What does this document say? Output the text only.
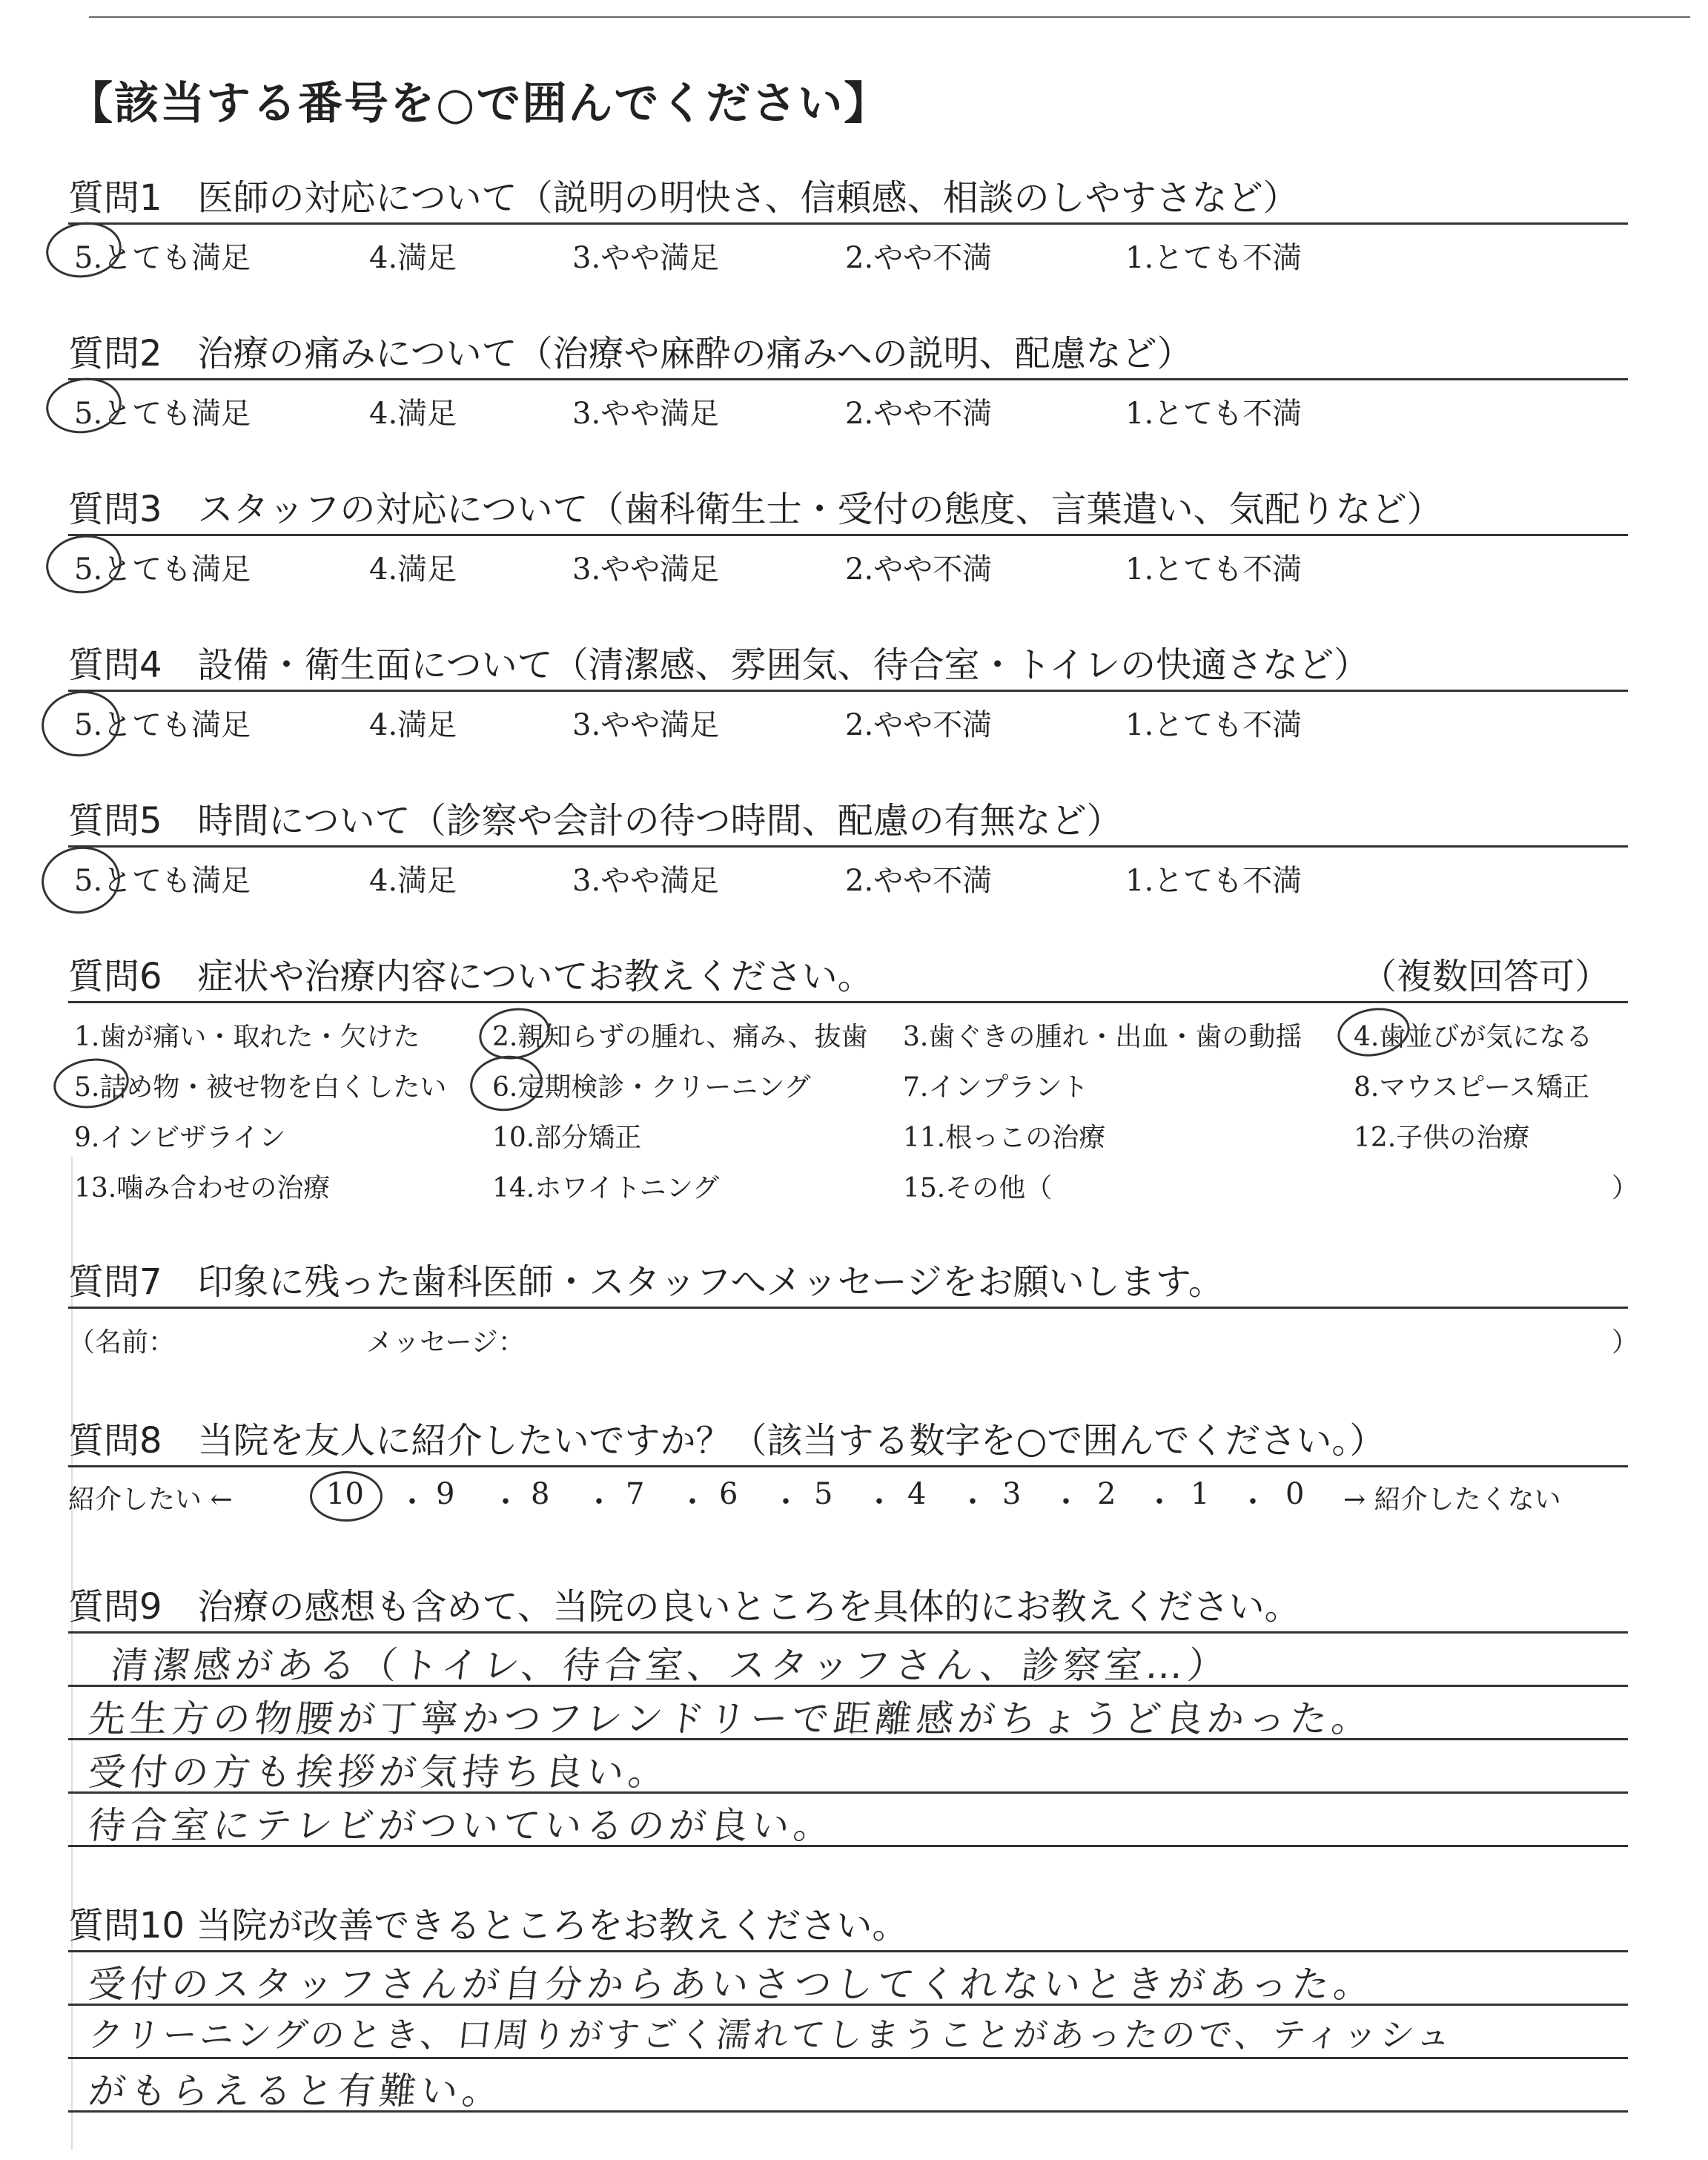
【該当する番号を○で囲んでください】
質問1　医師の対応について（説明の明快さ、信頼感、相談のしやすさなど）
5.とても満足	4.満足	3.やや満足	2.やや不満	1.とても不満
質問2　治療の痛みについて（治療や麻酔の痛みへの説明、配慮など）
5.とても満足	4.満足	3.やや満足	2.やや不満	1.とても不満
質問3　スタッフの対応について（歯科衛生士・受付の態度、言葉遣い、気配りなど）
5.とても満足	4.満足	3.やや満足	2.やや不満	1.とても不満
質問4　設備・衛生面について（清潔感、雰囲気、待合室・トイレの快適さなど）
5.とても満足	4.満足	3.やや満足	2.やや不満	1.とても不満
質問5　時間について（診察や会計の待つ時間、配慮の有無など）
5.とても満足	4.満足	3.やや満足	2.やや不満	1.とても不満
質問6　症状や治療内容についてお教えください。	（複数回答可）
1.歯が痛い・取れた・欠けた	2.親知らずの腫れ、痛み、抜歯 3.歯ぐきの腫れ・出血・歯の動揺 4.歯並びが気になる
5.詰め物・被せ物を白くしたい 6.定期検診・クリーニング	7.インプラント	8.マウスピース矯正
9.インビザライン	10.部分矯正	11.根っこの治療	12.子供の治療
13.噛み合わせの治療	14.ホワイトニング	15.その他（	）
質問7　印象に残った歯科医師・スタッフへメッセージをお願いします。
（名前：	メッセージ：	）
質問8　当院を友人に紹介したいですか？（該当する数字を○で囲んでください。）
紹介したい ←	10 ・ 9 ・ 8 ・ 7 ・ 6 ・ 5 ・ 4 ・ 3 ・ 2 ・ 1 ・ 0 → 紹介したくない
質問9　治療の感想も含めて、当院の良いところを具体的にお教えください。
清潔感がある（トイレ、待合室、スタッフさん、診察室…）
先生方の物腰が丁寧かつフレンドリーで距離感がちょうど良かった。
受付の方も挨拶が気持ち良い。
待合室にテレビがついているのが良い。
質問10 当院が改善できるところをお教えください。
受付のスタッフさんが自分からあいさつしてくれないときがあった。
クリーニングのとき、口周りがすごく濡れてしまうことがあったので、ティッシュ
がもらえると有難い。
